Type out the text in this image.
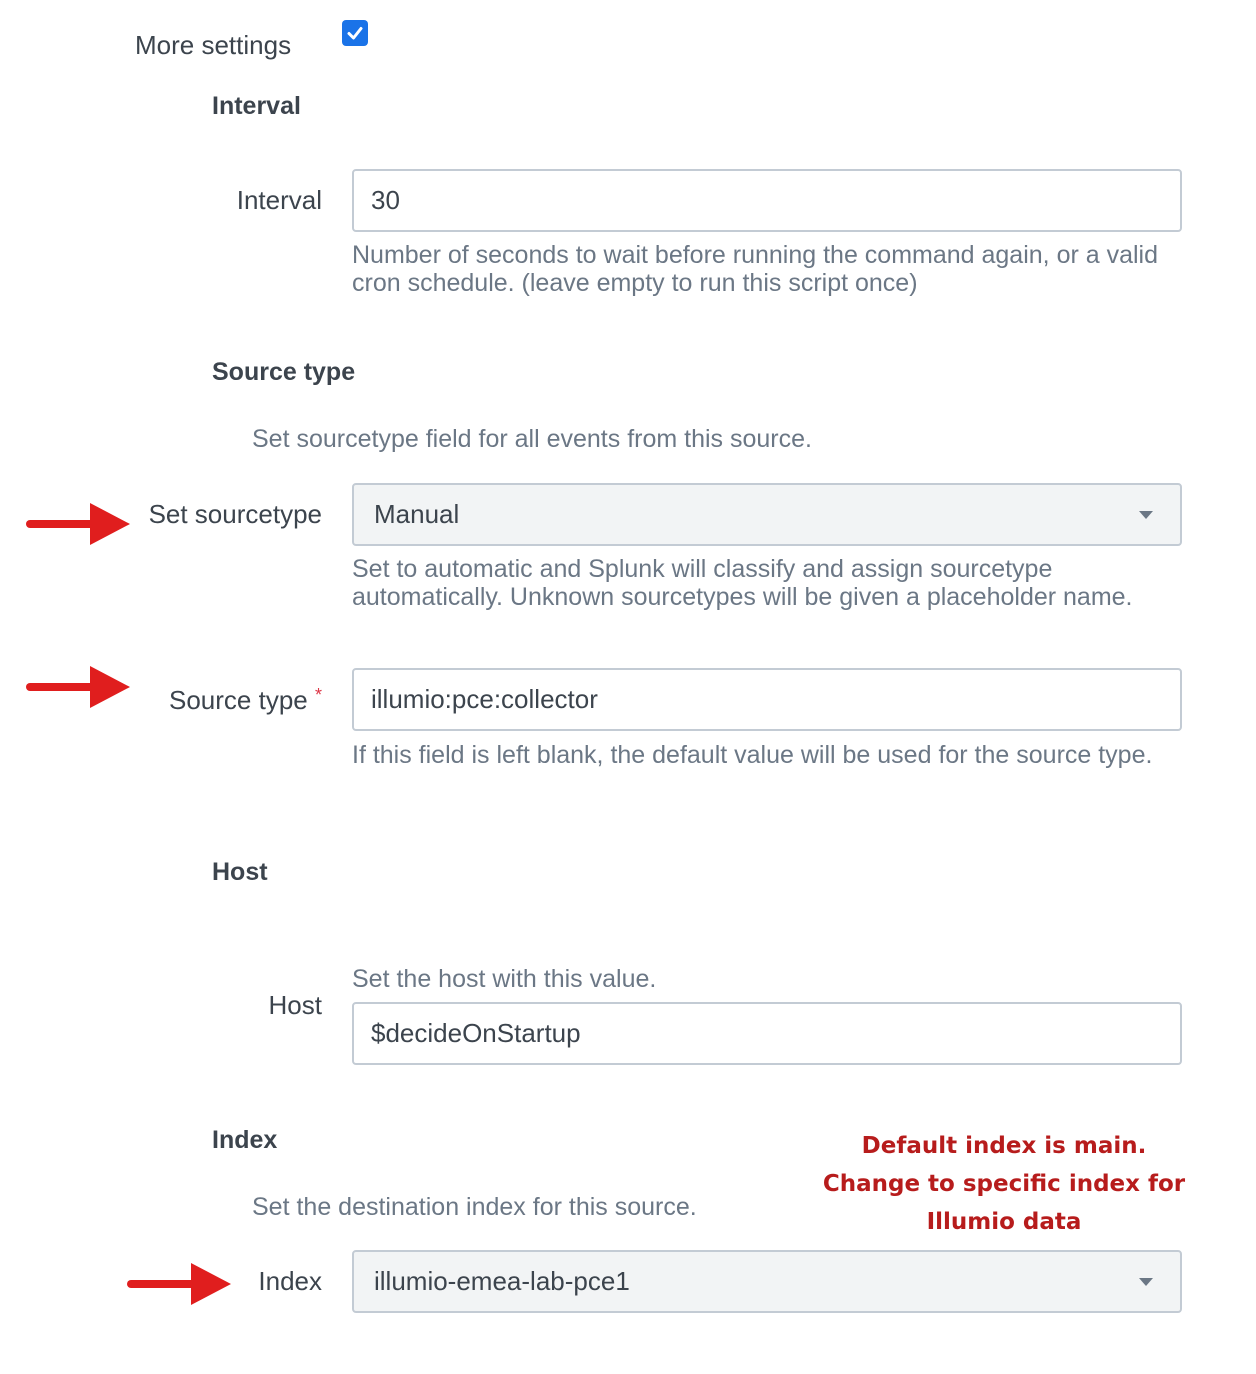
More settings
Interval
Interval 30
Number of seconds to wait before running the command again, or a valid cron schedule. (leave empty to run this script once)
Source type
Set sourcetype field for all events from this source.
Set sourcetype Manual
Set to automatic and Splunk will classify and assign sourcetype automatically. Unknown sourcetypes will be given a placeholder name.
Source type * illumio:pce:collector
If this field is left blank, the default value will be used for the source type.
Host
Set the host with this value.
Host
$decideOnStartup
Index
Set the destination index for this source.
Default index is main.
Change to specific index for
Illumio data
Index illumio-emea-lab-pce1
